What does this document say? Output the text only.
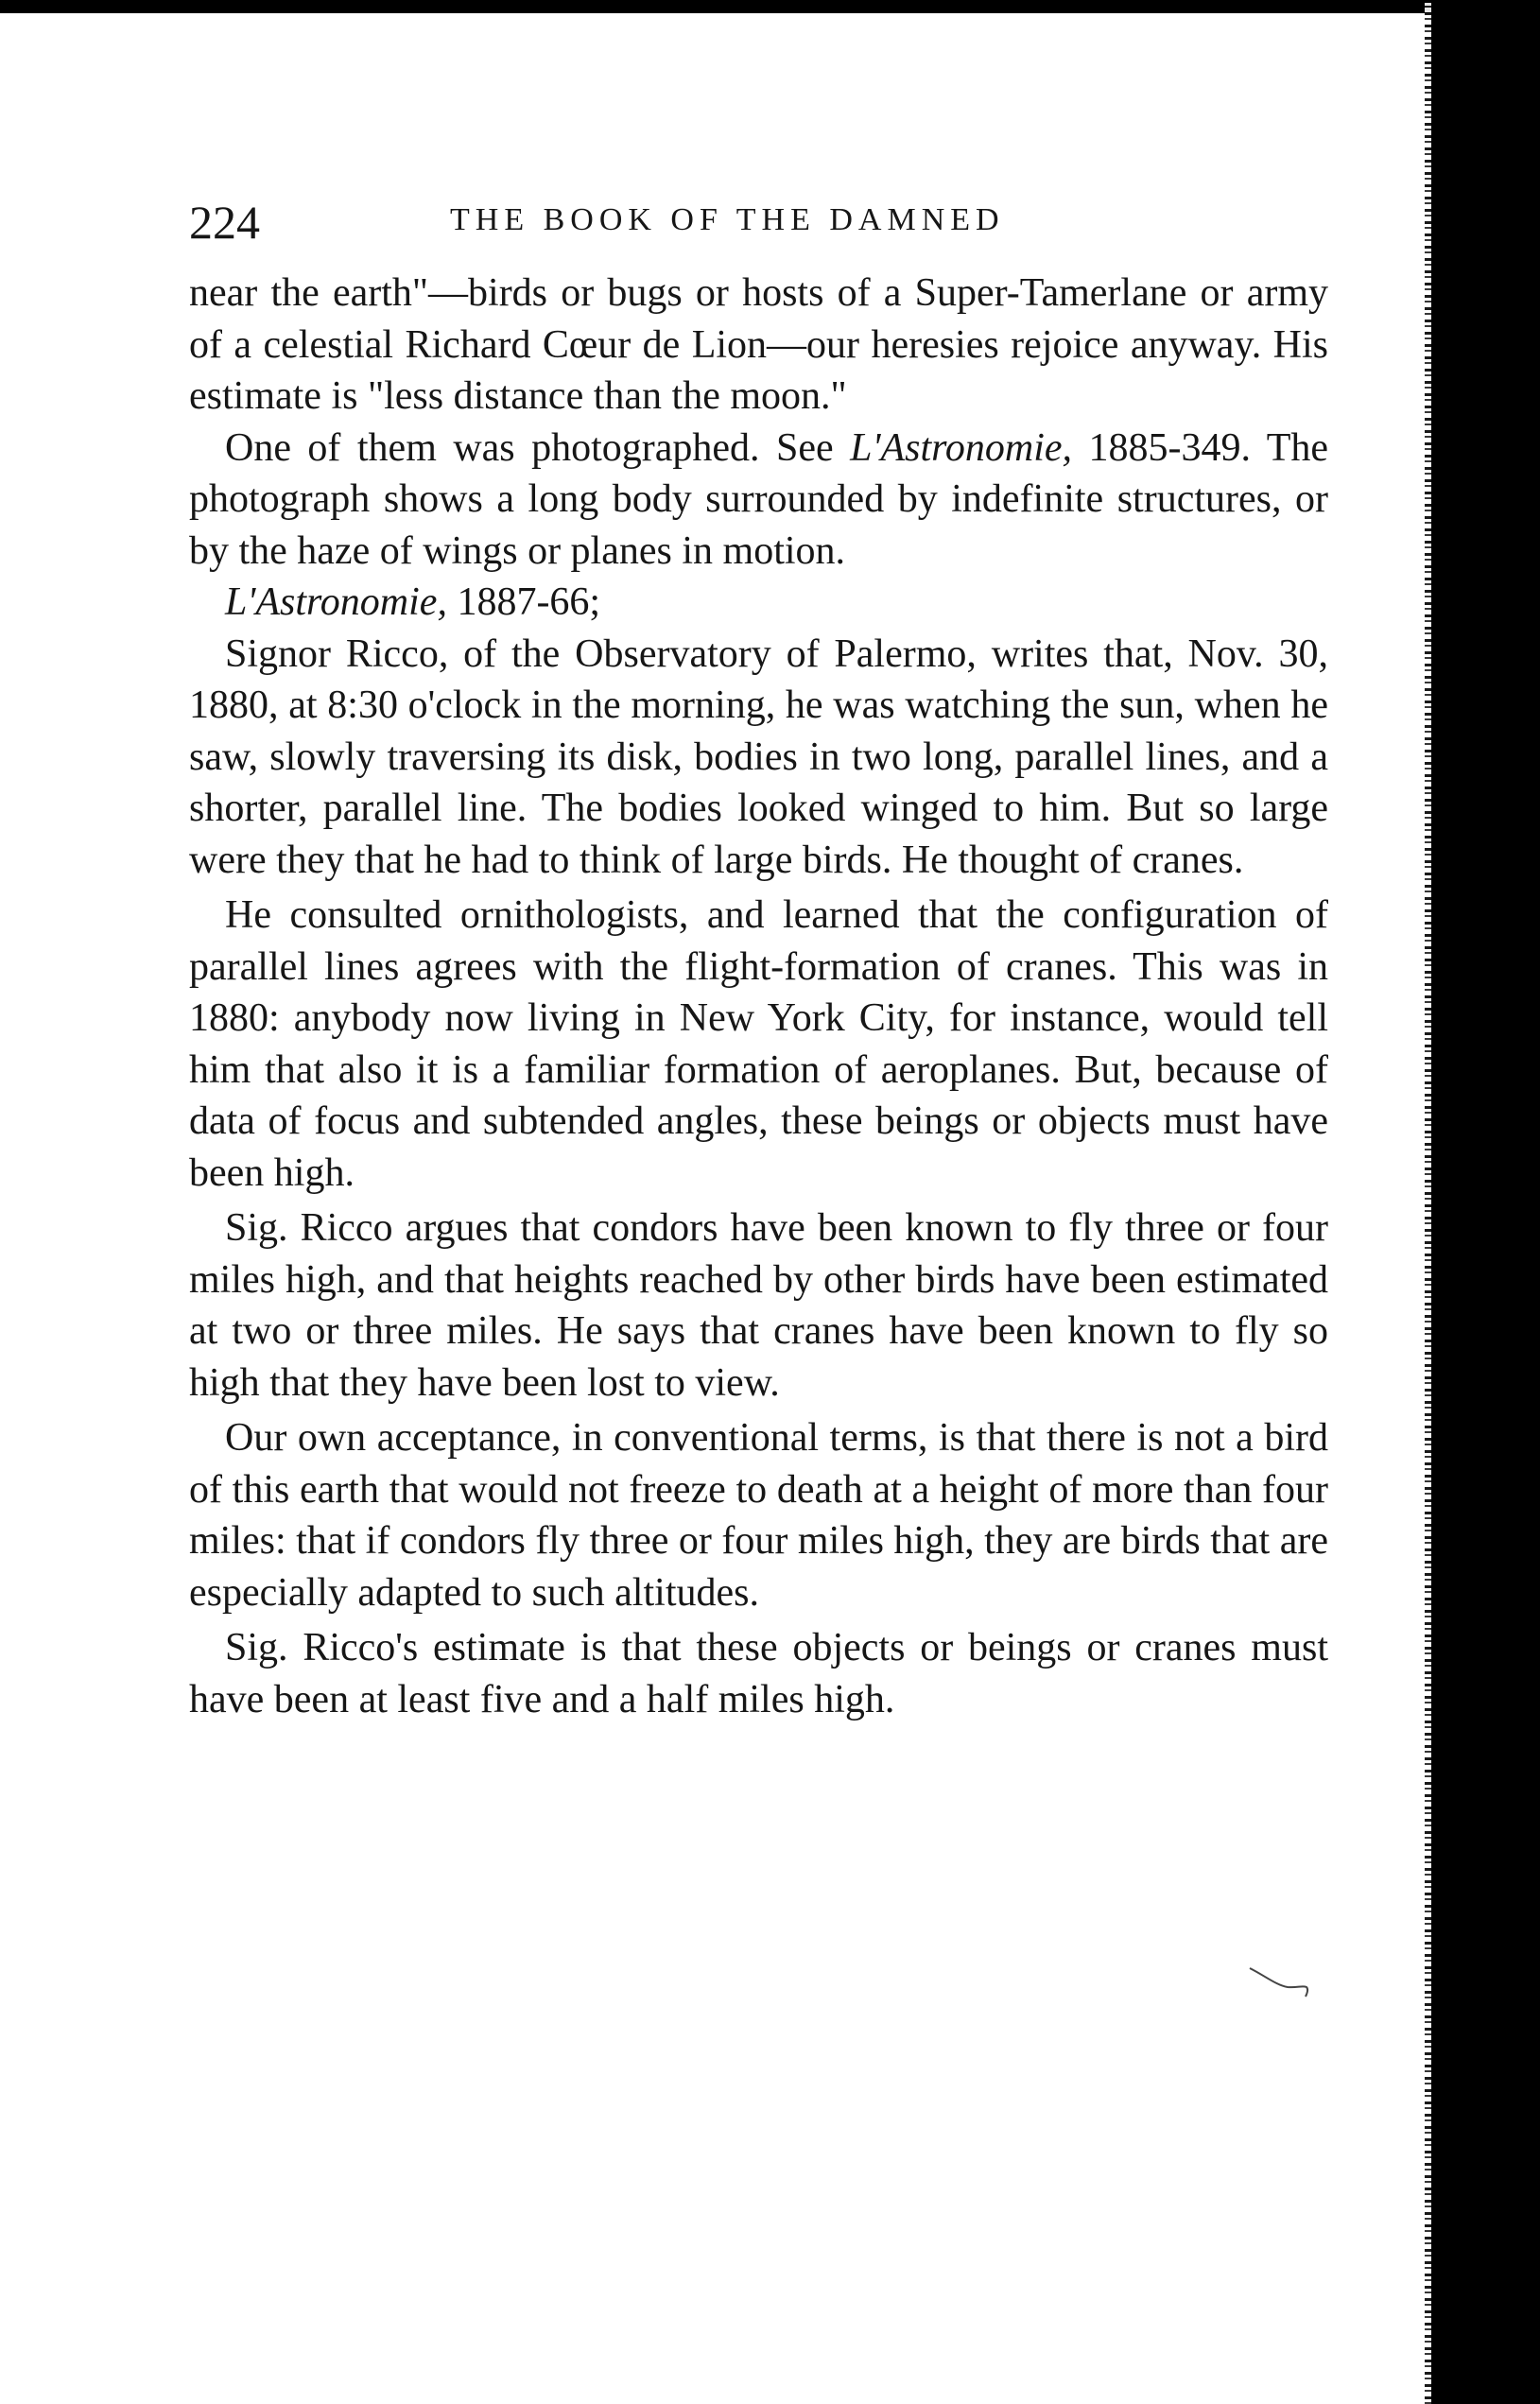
224	THE BOOK OF THE DAMNED

near the earth"—birds or bugs or hosts of a Super-Tamerlane or army of a celestial Richard Cœur de Lion—our heresies rejoice anyway. His estimate is "less distance than the moon."

One of them was photographed. See L'Astronomie, 1885-349. The photograph shows a long body surrounded by indefinite structures, or by the haze of wings or planes in motion.

L'Astronomie, 1887-66;

Signor Ricco, of the Observatory of Palermo, writes that, Nov. 30, 1880, at 8:30 o'clock in the morning, he was watching the sun, when he saw, slowly traversing its disk, bodies in two long, parallel lines, and a shorter, parallel line. The bodies looked winged to him. But so large were they that he had to think of large birds. He thought of cranes.

He consulted ornithologists, and learned that the configuration of parallel lines agrees with the flight-formation of cranes. This was in 1880: anybody now living in New York City, for instance, would tell him that also it is a familiar formation of aeroplanes. But, because of data of focus and subtended angles, these beings or objects must have been high.

Sig. Ricco argues that condors have been known to fly three or four miles high, and that heights reached by other birds have been estimated at two or three miles. He says that cranes have been known to fly so high that they have been lost to view.

Our own acceptance, in conventional terms, is that there is not a bird of this earth that would not freeze to death at a height of more than four miles: that if condors fly three or four miles high, they are birds that are especially adapted to such altitudes.

Sig. Ricco's estimate is that these objects or beings or cranes must have been at least five and a half miles high.
